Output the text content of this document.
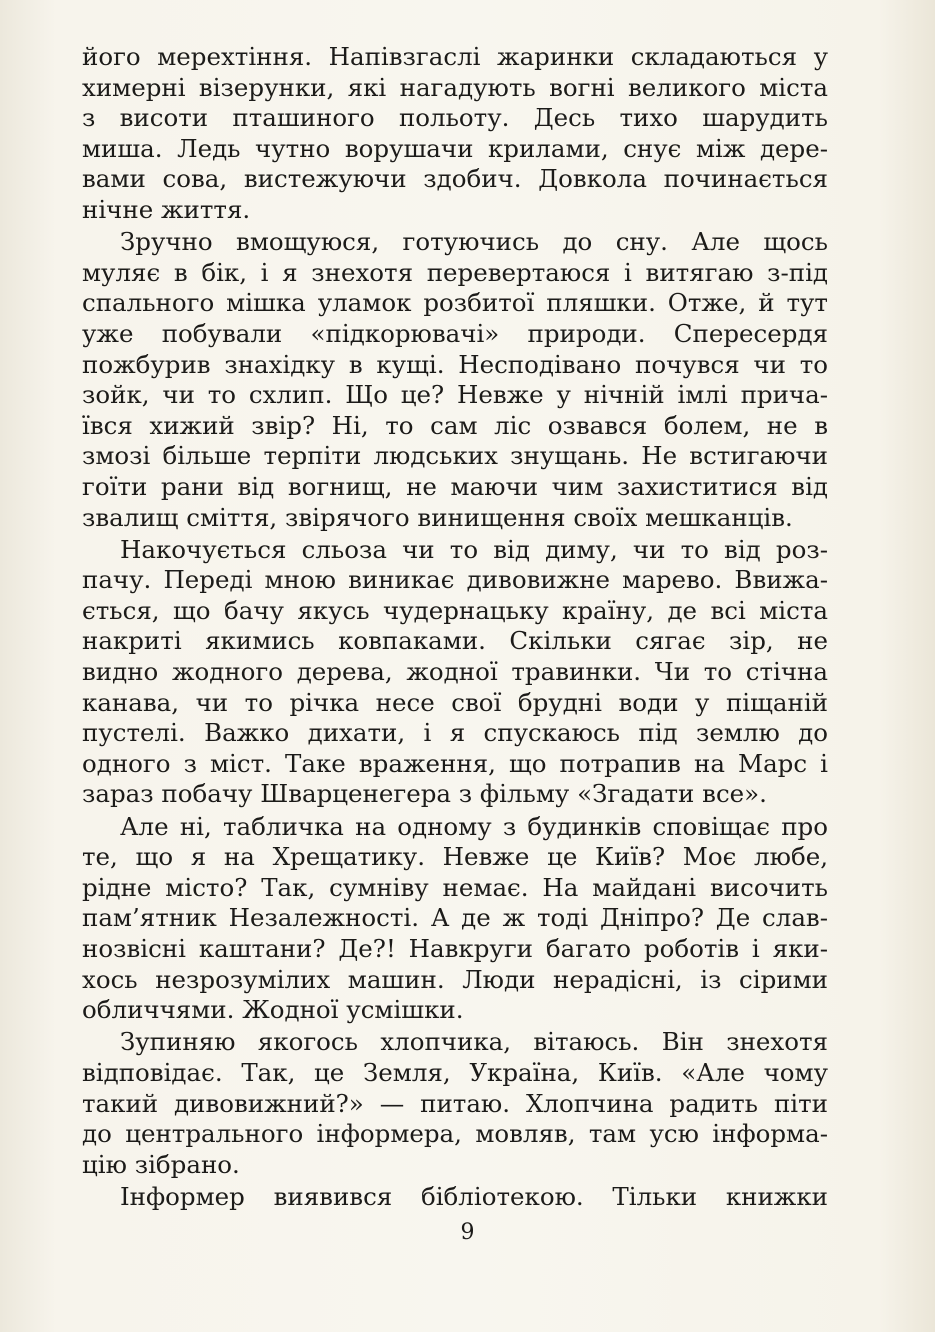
його мерехтіння. Напівзгаслі жаринки складаються у
химерні візерунки, які нагадують вогні великого міста
з висоти пташиного польоту. Десь тихо шарудить
миша. Ледь чутно ворушачи крилами, снує між дере-
вами сова, вистежуючи здобич. Довкола починається
нічне життя.

Зручно вмощуюся, готуючись до сну. Але щось
муляє в бік, і я знехотя перевертаюся і витягаю з-під
спального мішка уламок розбитої пляшки. Отже, й тут
уже побували «підкорювачі» природи. Спересердя
пожбурив знахідку в кущі. Несподівано почувся чи то
зойк, чи то схлип. Що це? Невже у нічній імлі прича-
ївся хижий звір? Ні, то сам ліс озвався болем, не в
змозі більше терпіти людських знущань. Не встигаючи
гоїти рани від вогнищ, не маючи чим захиститися від
звалищ сміття, звірячого винищення своїх мешканців.

Накочується сльоза чи то від диму, чи то від роз-
пачу. Переді мною виникає дивовижне марево. Ввижа-
ється, що бачу якусь чудернацьку країну, де всі міста
накриті якимись ковпаками. Скільки сягає зір, не
видно жодного дерева, жодної травинки. Чи то стічна
канава, чи то річка несе свої брудні води у піщаній
пустелі. Важко дихати, і я спускаюсь під землю до
одного з міст. Таке враження, що потрапив на Марс і
зараз побачу Шварценегера з фільму «Згадати все».

Але ні, табличка на одному з будинків сповіщає про
те, що я на Хрещатику. Невже це Київ? Моє любе,
рідне місто? Так, сумніву немає. На майдані височить
пам’ятник Незалежності. А де ж тоді Дніпро? Де слав-
нозвісні каштани? Де?! Навкруги багато роботів і яки-
хось незрозумілих машин. Люди нерадісні, із сірими
обличчями. Жодної усмішки.

Зупиняю якогось хлопчика, вітаюсь. Він знехотя
відповідає. Так, це Земля, Україна, Київ. «Але чому
такий дивовижний?» — питаю. Хлопчина радить піти
до центрального інформера, мовляв, там усю інформа-
цію зібрано.

Інформер виявився бібліотекою. Тільки книжки

9
